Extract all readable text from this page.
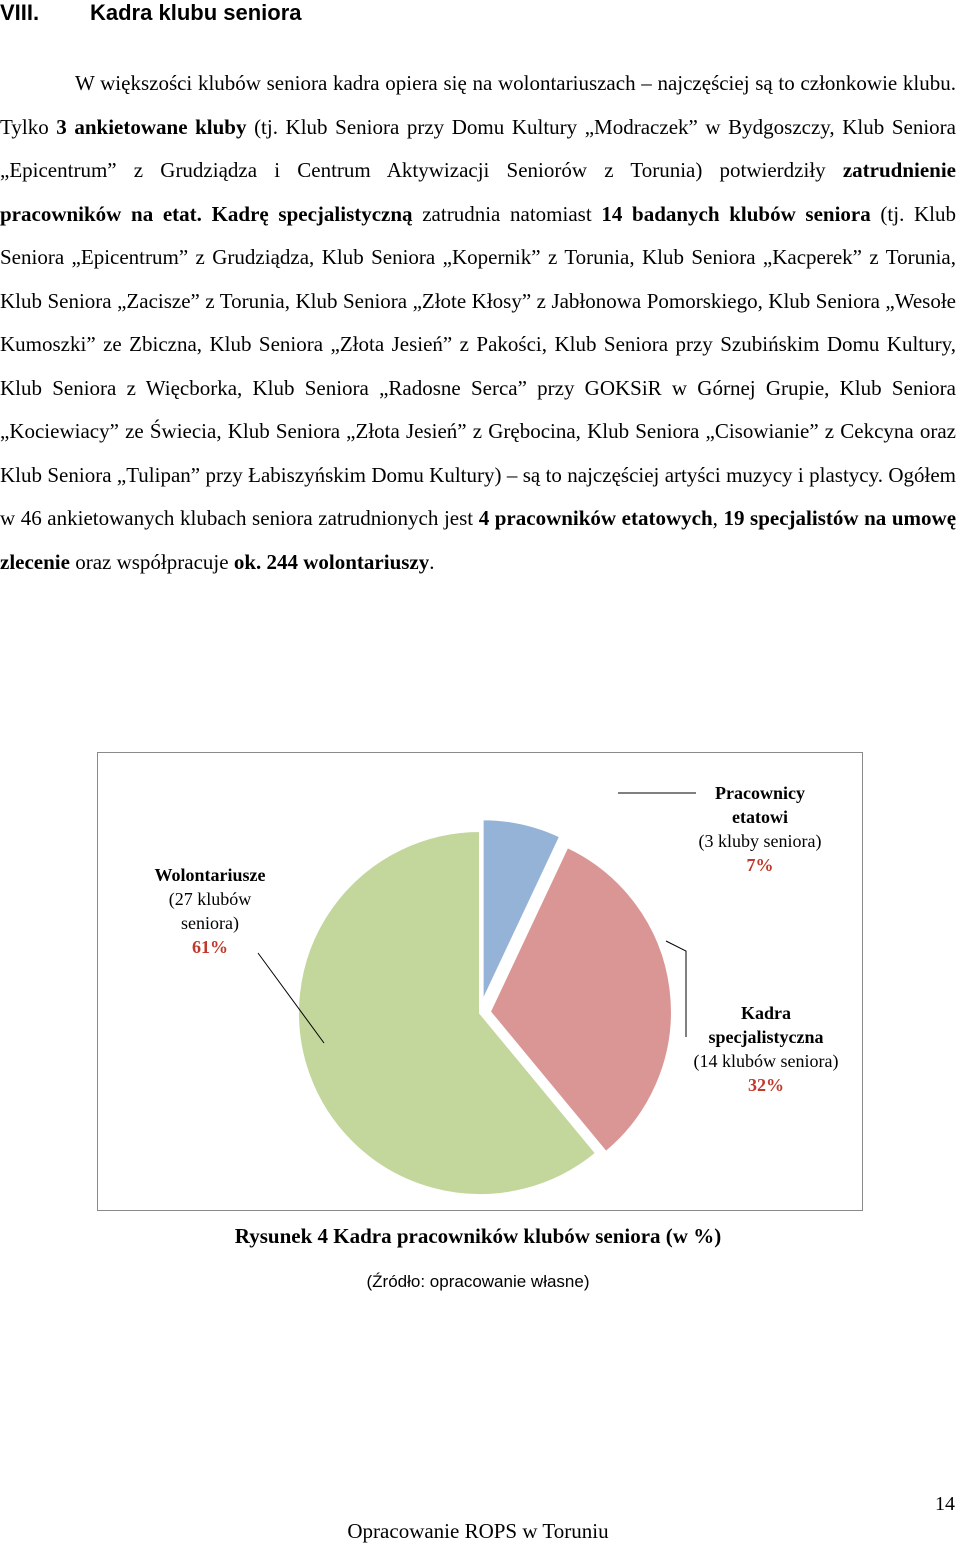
VIII. Kadra klubu seniora

W większości klubów seniora kadra opiera się na wolontariuszach – najczęściej są to członkowie klubu. Tylko 3 ankietowane kluby (tj. Klub Seniora przy Domu Kultury „Modraczek” w Bydgoszczy, Klub Seniora „Epicentrum” z Grudziądza i Centrum Aktywizacji Seniorów z Torunia) potwierdziły zatrudnienie pracowników na etat. Kadrę specjalistyczną zatrudnia natomiast 14 badanych klubów seniora (tj. Klub Seniora „Epicentrum” z Grudziądza, Klub Seniora „Kopernik” z Torunia, Klub Seniora „Kacperek” z Torunia, Klub Seniora „Zacisze” z Torunia, Klub Seniora „Złote Kłosy” z Jabłonowa Pomorskiego, Klub Seniora „Wesołe Kumoszki” ze Zbiczna, Klub Seniora „Złota Jesień” z Pakości, Klub Seniora przy Szubińskim Domu Kultury, Klub Seniora z Więcborka, Klub Seniora „Radosne Serca” przy GOKSiR w Górnej Grupie, Klub Seniora „Kociewiacy” ze Świecia, Klub Seniora „Złota Jesień” z Grębocina, Klub Seniora „Cisowianie” z Cekcyna oraz Klub Seniora „Tulipan” przy Łabiszyńskim Domu Kultury) – są to najczęściej artyści muzycy i plastycy. Ogółem w 46 ankietowanych klubach seniora zatrudnionych jest 4 pracowników etatowych, 19 specjalistów na umowę zlecenie oraz współpracuje ok. 244 wolontariuszy.

Pracownicy etatowi
(3 kluby seniora)
7%
Kadra specjalistyczna
(14 klubów seniora)
32%
Wolontariusze
(27 klubów seniora)
61%
Rysunek 4 Kadra pracowników klubów seniora (w %)
(Źródło: opracowanie własne)
14
Opracowanie ROPS w Toruniu
